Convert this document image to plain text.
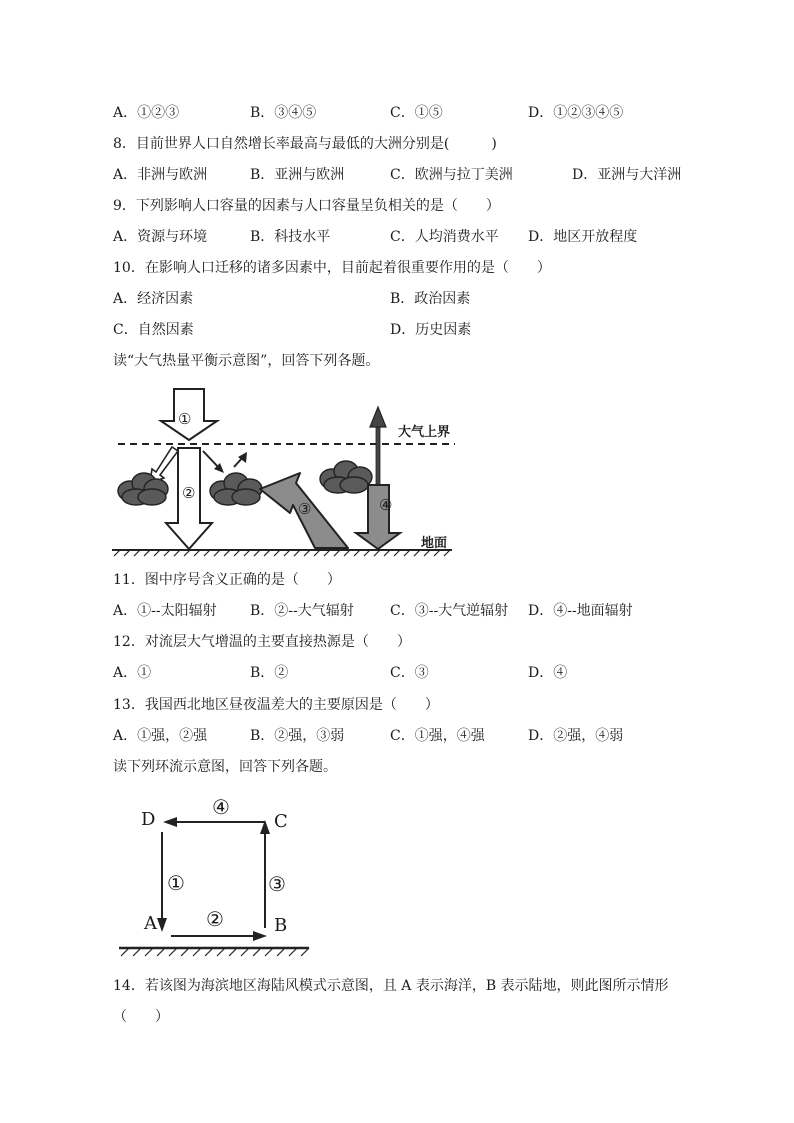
A．①②③	B．③④⑤	C．①⑤	D．①②③④⑤
8．目前世界人口自然增长率最高与最低的大洲分别是(　　　)
A．非洲与欧洲	B．亚洲与欧洲	C．欧洲与拉丁美洲	D．亚洲与大洋洲
9．下列影响人口容量的因素与人口容量呈负相关的是（　　）
A．资源与环境	B．科技水平	C．人均消费水平 D．地区开放程度
10．在影响人口迁移的诸多因素中，目前起着很重要作用的是（　　）
A．经济因素	B．政治因素
C．自然因素	D．历史因素
读“大气热量平衡示意图”，回答下列各题。
①
②
③	④
大气上界
地面
11．图中序号含义正确的是（　　）
A．①--太阳辐射 B．②--大气辐射	C．③--大气逆辐射 D．④--地面辐射
12．对流层大气增温的主要直接热源是（　　）
A．①	B．②	C．③	D．④
13．我国西北地区昼夜温差大的主要原因是（　　）
A．①强，②强	B．②强，③弱	C．①强，④强	D．②强，④弱
读下列环流示意图，回答下列各题。
D	C
A	B
④
①	③
②
14．若该图为海滨地区海陆风模式示意图，且 A 表示海洋，B 表示陆地，则此图所示情形
（　　）
